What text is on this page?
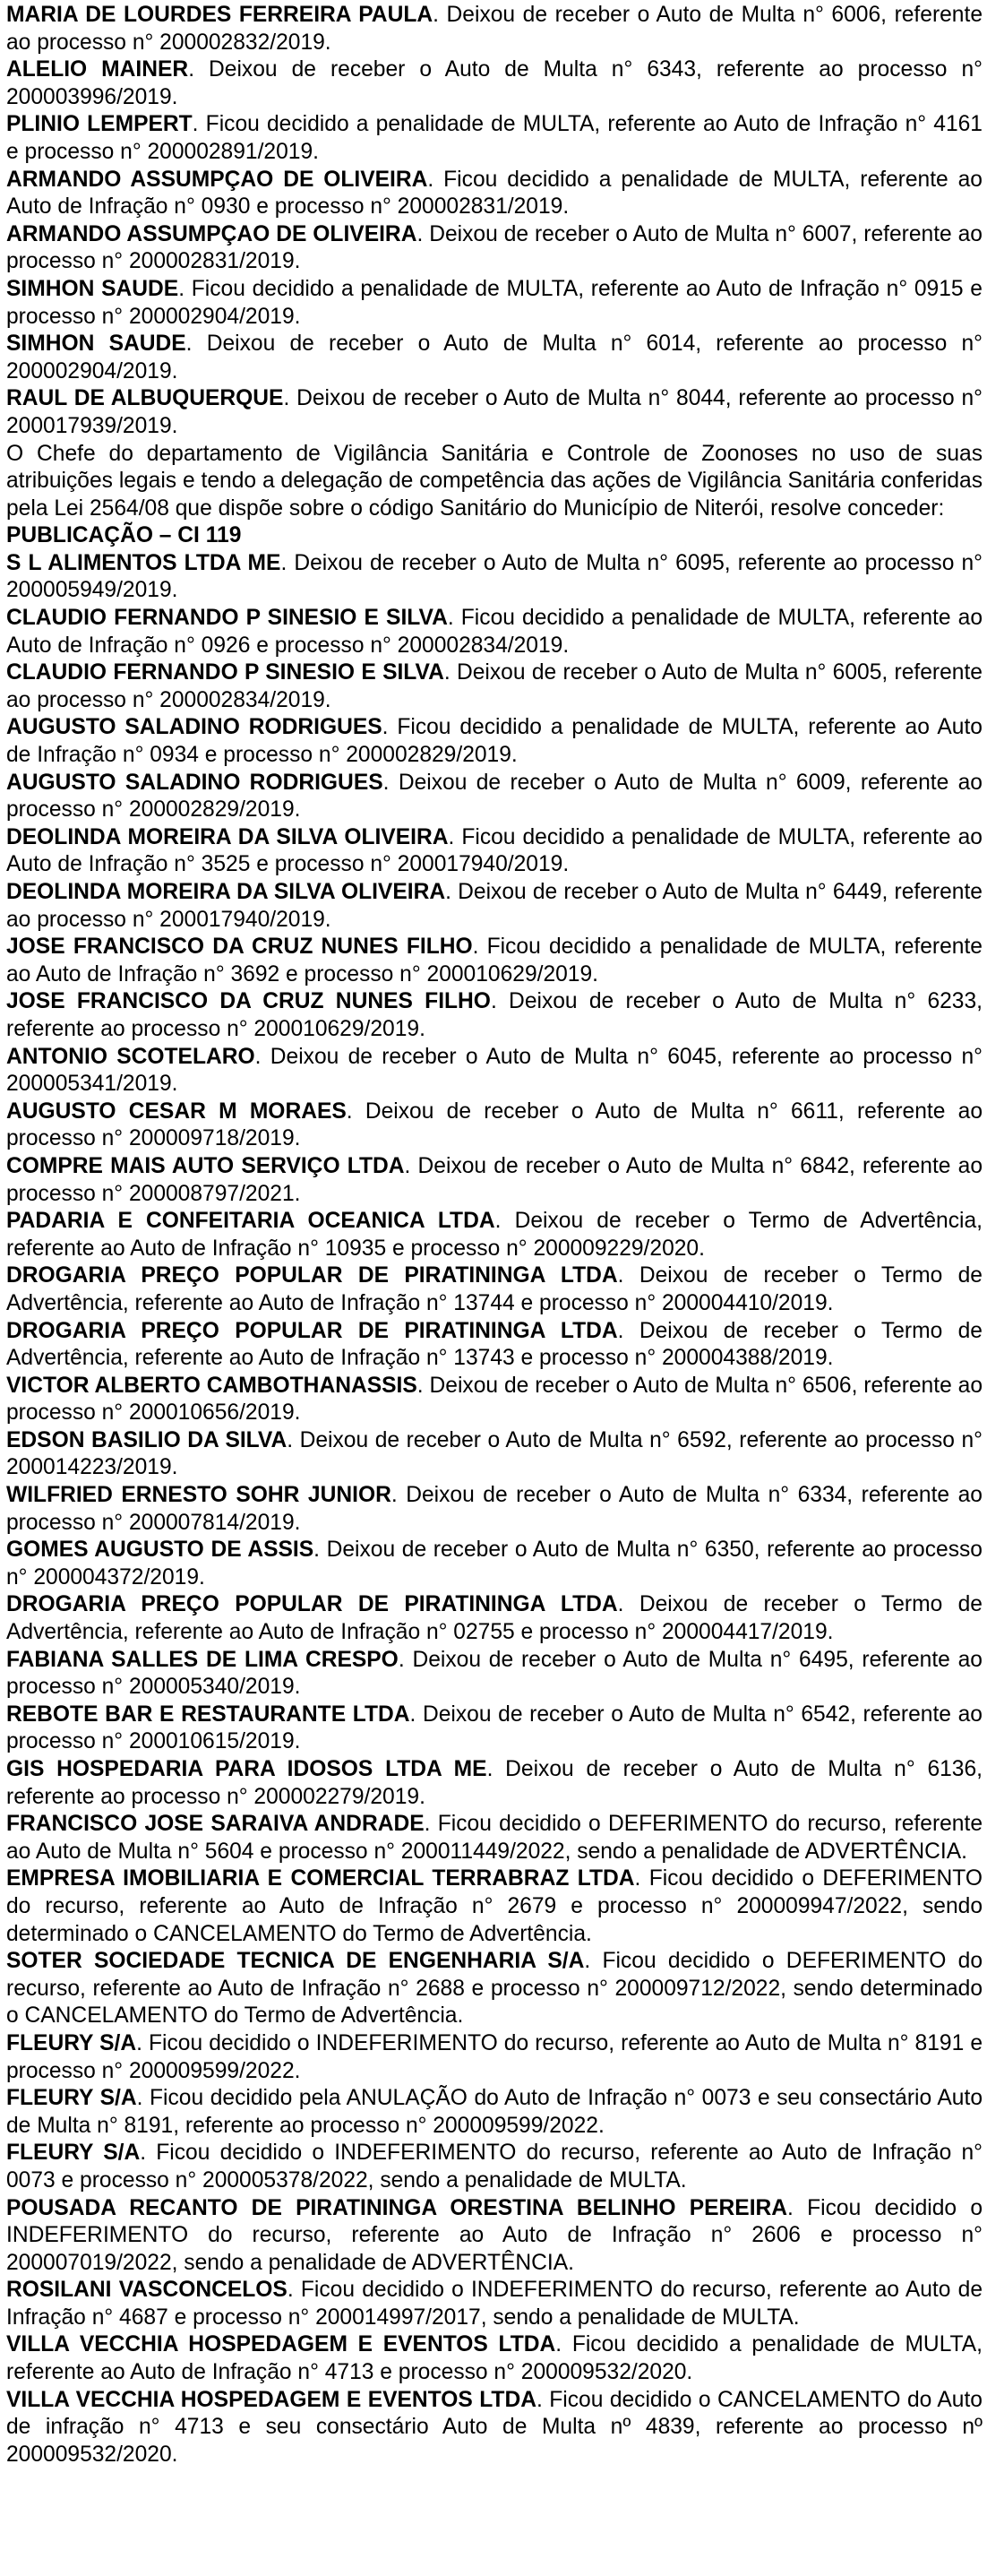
MARIA DE LOURDES FERREIRA PAULA. Deixou de receber o Auto de Multa n° 6006, referente ao processo n° 200002832/2019.

ALELIO MAINER. Deixou de receber o Auto de Multa n° 6343, referente ao processo n° 200003996/2019.

PLINIO LEMPERT. Ficou decidido a penalidade de MULTA, referente ao Auto de Infração n° 4161 e processo n° 200002891/2019.

ARMANDO ASSUMPÇAO DE OLIVEIRA. Ficou decidido a penalidade de MULTA, referente ao Auto de Infração n° 0930 e processo n° 200002831/2019.

ARMANDO ASSUMPÇAO DE OLIVEIRA. Deixou de receber o Auto de Multa n° 6007, referente ao processo n° 200002831/2019.

SIMHON SAUDE. Ficou decidido a penalidade de MULTA, referente ao Auto de Infração n° 0915 e processo n° 200002904/2019.

SIMHON SAUDE. Deixou de receber o Auto de Multa n° 6014, referente ao processo n° 200002904/2019.

RAUL DE ALBUQUERQUE. Deixou de receber o Auto de Multa n° 8044, referente ao processo n° 200017939/2019.

O Chefe do departamento de Vigilância Sanitária e Controle de Zoonoses no uso de suas atribuições legais e tendo a delegação de competência das ações de Vigilância Sanitária conferidas pela Lei 2564/08 que dispõe sobre o código Sanitário do Município de Niterói, resolve conceder:

PUBLICAÇÃO – CI 119

S L ALIMENTOS LTDA ME. Deixou de receber o Auto de Multa n° 6095, referente ao processo n° 200005949/2019.

CLAUDIO FERNANDO P SINESIO E SILVA. Ficou decidido a penalidade de MULTA, referente ao Auto de Infração n° 0926 e processo n° 200002834/2019.

CLAUDIO FERNANDO P SINESIO E SILVA. Deixou de receber o Auto de Multa n° 6005, referente ao processo n° 200002834/2019.

AUGUSTO SALADINO RODRIGUES. Ficou decidido a penalidade de MULTA, referente ao Auto de Infração n° 0934 e processo n° 200002829/2019.

AUGUSTO SALADINO RODRIGUES. Deixou de receber o Auto de Multa n° 6009, referente ao processo n° 200002829/2019.

DEOLINDA MOREIRA DA SILVA OLIVEIRA. Ficou decidido a penalidade de MULTA, referente ao Auto de Infração n° 3525 e processo n° 200017940/2019.

DEOLINDA MOREIRA DA SILVA OLIVEIRA. Deixou de receber o Auto de Multa n° 6449, referente ao processo n° 200017940/2019.

JOSE FRANCISCO DA CRUZ NUNES FILHO. Ficou decidido a penalidade de MULTA, referente ao Auto de Infração n° 3692 e processo n° 200010629/2019.

JOSE FRANCISCO DA CRUZ NUNES FILHO. Deixou de receber o Auto de Multa n° 6233, referente ao processo n° 200010629/2019.

ANTONIO SCOTELARO. Deixou de receber o Auto de Multa n° 6045, referente ao processo n° 200005341/2019.

AUGUSTO CESAR M MORAES. Deixou de receber o Auto de Multa n° 6611, referente ao processo n° 200009718/2019.

COMPRE MAIS AUTO SERVIÇO LTDA. Deixou de receber o Auto de Multa n° 6842, referente ao processo n° 200008797/2021.

PADARIA E CONFEITARIA OCEANICA LTDA. Deixou de receber o Termo de Advertência, referente ao Auto de Infração n° 10935 e processo n° 200009229/2020.

DROGARIA PREÇO POPULAR DE PIRATININGA LTDA. Deixou de receber o Termo de Advertência, referente ao Auto de Infração n° 13744 e processo n° 200004410/2019.

DROGARIA PREÇO POPULAR DE PIRATININGA LTDA. Deixou de receber o Termo de Advertência, referente ao Auto de Infração n° 13743 e processo n° 200004388/2019.

VICTOR ALBERTO CAMBOTHANASSIS. Deixou de receber o Auto de Multa n° 6506, referente ao processo n° 200010656/2019.

EDSON BASILIO DA SILVA. Deixou de receber o Auto de Multa n° 6592, referente ao processo n° 200014223/2019.

WILFRIED ERNESTO SOHR JUNIOR. Deixou de receber o Auto de Multa n° 6334, referente ao processo n° 200007814/2019.

GOMES AUGUSTO DE ASSIS. Deixou de receber o Auto de Multa n° 6350, referente ao processo n° 200004372/2019.

DROGARIA PREÇO POPULAR DE PIRATININGA LTDA. Deixou de receber o Termo de Advertência, referente ao Auto de Infração n° 02755 e processo n° 200004417/2019.

FABIANA SALLES DE LIMA CRESPO. Deixou de receber o Auto de Multa n° 6495, referente ao processo n° 200005340/2019.

REBOTE BAR E RESTAURANTE LTDA. Deixou de receber o Auto de Multa n° 6542, referente ao processo n° 200010615/2019.

GIS HOSPEDARIA PARA IDOSOS LTDA ME. Deixou de receber o Auto de Multa n° 6136, referente ao processo n° 200002279/2019.

FRANCISCO JOSE SARAIVA ANDRADE. Ficou decidido o DEFERIMENTO do recurso, referente ao Auto de Multa n° 5604 e processo n° 200011449/2022, sendo a penalidade de ADVERTÊNCIA.

EMPRESA IMOBILIARIA E COMERCIAL TERRABRAZ LTDA. Ficou decidido o DEFERIMENTO do recurso, referente ao Auto de Infração n° 2679 e processo n° 200009947/2022, sendo determinado o CANCELAMENTO do Termo de Advertência.

SOTER SOCIEDADE TECNICA DE ENGENHARIA S/A. Ficou decidido o DEFERIMENTO do recurso, referente ao Auto de Infração n° 2688 e processo n° 200009712/2022, sendo determinado o CANCELAMENTO do Termo de Advertência.

FLEURY S/A. Ficou decidido o INDEFERIMENTO do recurso, referente ao Auto de Multa n° 8191 e processo n° 200009599/2022.

FLEURY S/A. Ficou decidido pela ANULAÇÃO do Auto de Infração n° 0073 e seu consectário Auto de Multa n° 8191, referente ao processo n° 200009599/2022.

FLEURY S/A. Ficou decidido o INDEFERIMENTO do recurso, referente ao Auto de Infração n° 0073 e processo n° 200005378/2022, sendo a penalidade de MULTA.

POUSADA RECANTO DE PIRATININGA ORESTINA BELINHO PEREIRA. Ficou decidido o INDEFERIMENTO do recurso, referente ao Auto de Infração n° 2606 e processo n° 200007019/2022, sendo a penalidade de ADVERTÊNCIA.

ROSILANI VASCONCELOS. Ficou decidido o INDEFERIMENTO do recurso, referente ao Auto de Infração n° 4687 e processo n° 200014997/2017, sendo a penalidade de MULTA.

VILLA VECCHIA HOSPEDAGEM E EVENTOS LTDA. Ficou decidido a penalidade de MULTA, referente ao Auto de Infração n° 4713 e processo n° 200009532/2020.

VILLA VECCHIA HOSPEDAGEM E EVENTOS LTDA. Ficou decidido o CANCELAMENTO do Auto de infração n° 4713 e seu consectário Auto de Multa nº 4839, referente ao processo nº 200009532/2020.
